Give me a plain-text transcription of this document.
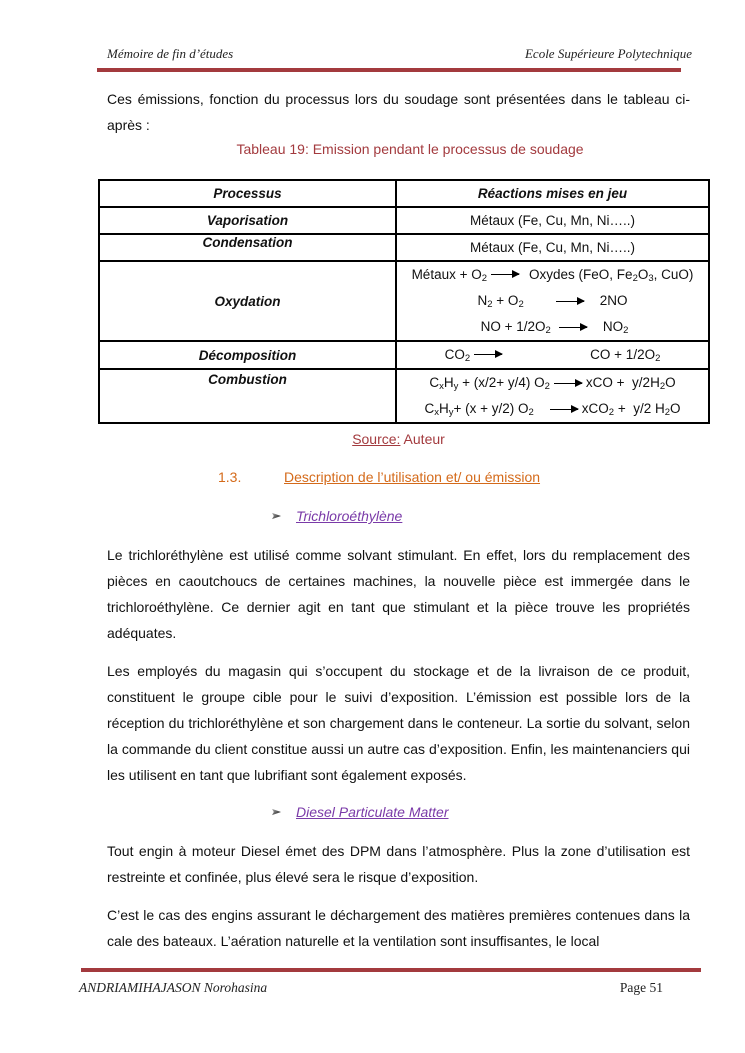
Mémoire de fin d’études	Ecole Supérieure Polytechnique

Ces émissions, fonction du processus lors du soudage sont présentées dans le tableau ci-après :

Tableau 19: Emission pendant le processus de soudage
Processus	Réactions mises en jeu
Vaporisation	Métaux (Fe, Cu, Mn, Ni…..)
Condensation	Métaux (Fe, Cu, Mn, Ni…..)
Oxydation	Métaux + $O_2$ Oxydes (FeO, $Fe_2O_3$, CuO)
$N_2 + O_2$ 2NO
NO + $1/2O_2$ $NO_2$

Décomposition	$CO_2$ CO + $1/2O_2$

Combustion	$C_xH_y + (x/2+ y/4)$ $O_2$ xCO +  $y/2H_2O$
$C_xH_y+ (x + y/2)$ $O_2$ xCO$_2$ +  y/2 $H_2O$
Source: Auteur
1.3.	Description de l’utilisation et/ ou émission
Trichloroéthylène

Le trichloréthylène est utilisé comme solvant stimulant. En effet, lors du remplacement des pièces en caoutchoucs de certaines machines, la nouvelle pièce est immergée dans le trichloroéthylène. Ce dernier agit en tant que stimulant et la pièce trouve les propriétés adéquates.

Les employés du magasin qui s’occupent du stockage et de la livraison de ce produit, constituent le groupe cible pour le suivi d’exposition. L’émission est possible lors de la réception du trichloréthylène et son chargement dans le conteneur. La sortie du solvant, selon la commande du client constitue aussi un autre cas d’exposition. Enfin, les maintenanciers qui les utilisent en tant que lubrifiant sont également exposés.

Diesel Particulate Matter

Tout engin à moteur Diesel émet des DPM dans l’atmosphère. Plus la zone d’utilisation est restreinte et confinée, plus élevé sera le risque d’exposition.

C’est le cas des engins assurant le déchargement des matières premières contenues dans la cale des bateaux. L’aération naturelle et la ventilation sont insuffisantes, le local

ANDRIAMIHAJASON Norohasina	Page 51
